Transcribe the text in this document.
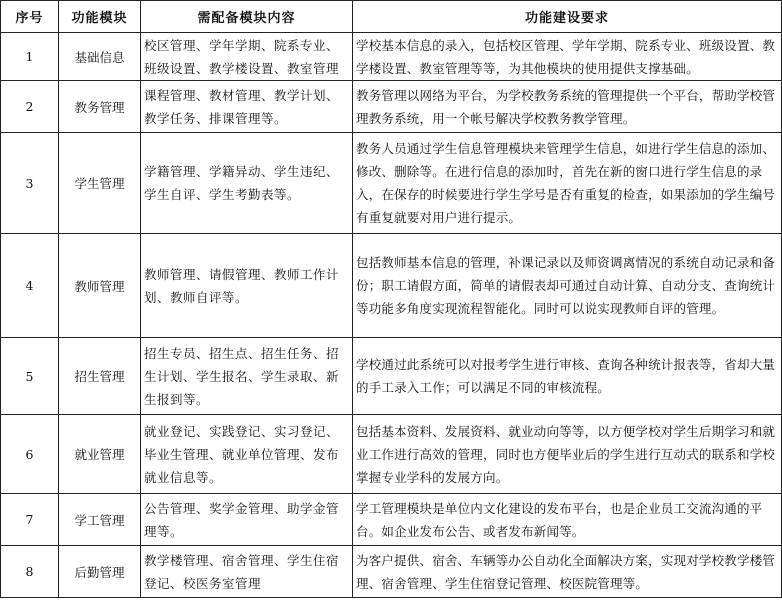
序号	功能模块	需配备模块内容	功能建设要求
1	基础信息	校区管理、学年学期、院系专业、班级设置、教学楼设置、教室管理	学校基本信息的录入，包括校区管理、学年学期、院系专业、班级设置、教学楼设置、教室管理等等，为其他模块的使用提供支撑基础。
2	教务管理	课程管理、教材管理、教学计划、教学任务、排课管理等。	教务管理以网络为平台，为学校教务系统的管理提供一个平台，帮助学校管理教务系统，用一个帐号解决学校教务教学管理。
3	学生管理	学籍管理、学籍异动、学生违纪、学生自评、学生考勤表等。	教务人员通过学生信息管理模块来管理学生信息，如进行学生信息的添加、修改、删除等。在进行信息的添加时，首先在新的窗口进行学生信息的录入，在保存的时候要进行学生学号是否有重复的检查，如果添加的学生编号有重复就要对用户进行提示。
4	教师管理	教师管理、请假管理、教师工作计划、教师自评等。	包括教师基本信息的管理，补课记录以及师资调离情况的系统自动记录和备份；职工请假方面，简单的请假表却可通过自动计算、自动分支、查询统计等功能多角度实现流程智能化。同时可以说实现教师自评的管理。
5	招生管理	招生专员、招生点、招生任务、招生计划、学生报名、学生录取、新生报到等。	学校通过此系统可以对报考学生进行审核、查询各种统计报表等，省却大量的手工录入工作；可以满足不同的审核流程。
6	就业管理	就业登记、实践登记、实习登记、毕业生管理、就业单位管理、发布就业信息等。	包括基本资料、发展资料、就业动向等等，以方便学校对学生后期学习和就业工作进行高效的管理，同时也方便毕业后的学生进行互动式的联系和学校掌握专业学科的发展方向。
7	学工管理	公告管理、奖学金管理、助学金管理等。	学工管理模块是单位内文化建设的发布平台，也是企业员工交流沟通的平台。如企业发布公告、或者发布新闻等。
8	后勤管理	教学楼管理、宿舍管理、学生住宿登记、校医务室管理	为客户提供、宿舍、车辆等办公自动化全面解决方案，实现对学校教学楼管理、宿舍管理、学生住宿登记管理、校医院管理等。
